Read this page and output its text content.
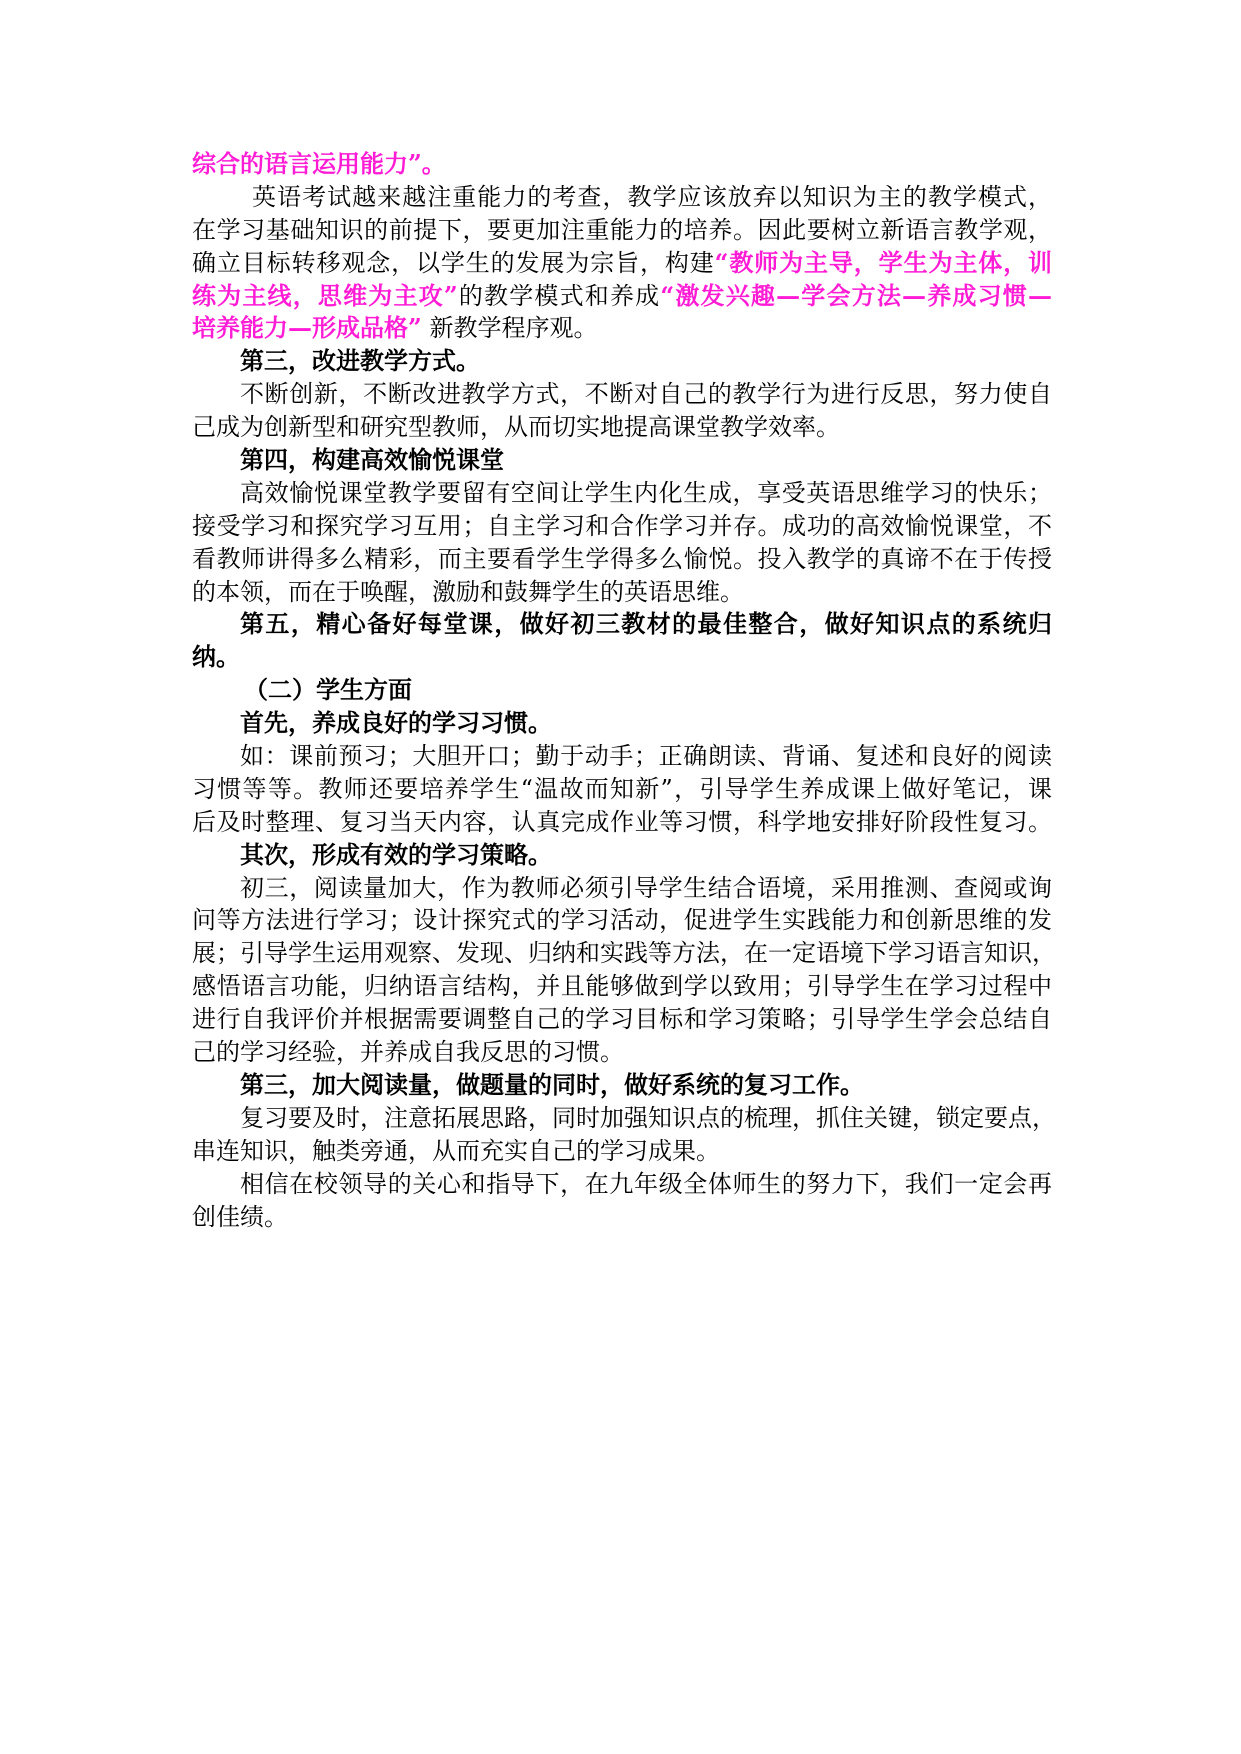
综合的语言运用能力”。
英语考试越来越注重能力的考查，教学应该放弃以知识为主的教学模式，
在学习基础知识的前提下，要更加注重能力的培养。因此要树立新语言教学观，
确立目标转移观念，以学生的发展为宗旨，构建“教师为主导，学生为主体，训
练为主线，思维为主攻”的教学模式和养成“激发兴趣—学会方法—养成习惯—
培养能力—形成品格” 新教学程序观。
第三，改进教学方式。
不断创新，不断改进教学方式，不断对自己的教学行为进行反思，努力使自
己成为创新型和研究型教师，从而切实地提高课堂教学效率。
第四，构建高效愉悦课堂
高效愉悦课堂教学要留有空间让学生内化生成，享受英语思维学习的快乐；
接受学习和探究学习互用；自主学习和合作学习并存。成功的高效愉悦课堂，不
看教师讲得多么精彩，而主要看学生学得多么愉悦。投入教学的真谛不在于传授
的本领，而在于唤醒，激励和鼓舞学生的英语思维。
第五，精心备好每堂课，做好初三教材的最佳整合，做好知识点的系统归
纳。
（二）学生方面
首先，养成良好的学习习惯。
如：课前预习；大胆开口；勤于动手；正确朗读、背诵、复述和良好的阅读
习惯等等。教师还要培养学生“温故而知新”，引导学生养成课上做好笔记，课
后及时整理、复习当天内容，认真完成作业等习惯，科学地安排好阶段性复习。
其次，形成有效的学习策略。
初三，阅读量加大，作为教师必须引导学生结合语境，采用推测、查阅或询
问等方法进行学习；设计探究式的学习活动，促进学生实践能力和创新思维的发
展；引导学生运用观察、发现、归纳和实践等方法，在一定语境下学习语言知识，
感悟语言功能，归纳语言结构，并且能够做到学以致用；引导学生在学习过程中
进行自我评价并根据需要调整自己的学习目标和学习策略；引导学生学会总结自
己的学习经验，并养成自我反思的习惯。
第三，加大阅读量，做题量的同时，做好系统的复习工作。
复习要及时，注意拓展思路，同时加强知识点的梳理，抓住关键，锁定要点，
串连知识，触类旁通，从而充实自己的学习成果。
相信在校领导的关心和指导下，在九年级全体师生的努力下，我们一定会再
创佳绩。
